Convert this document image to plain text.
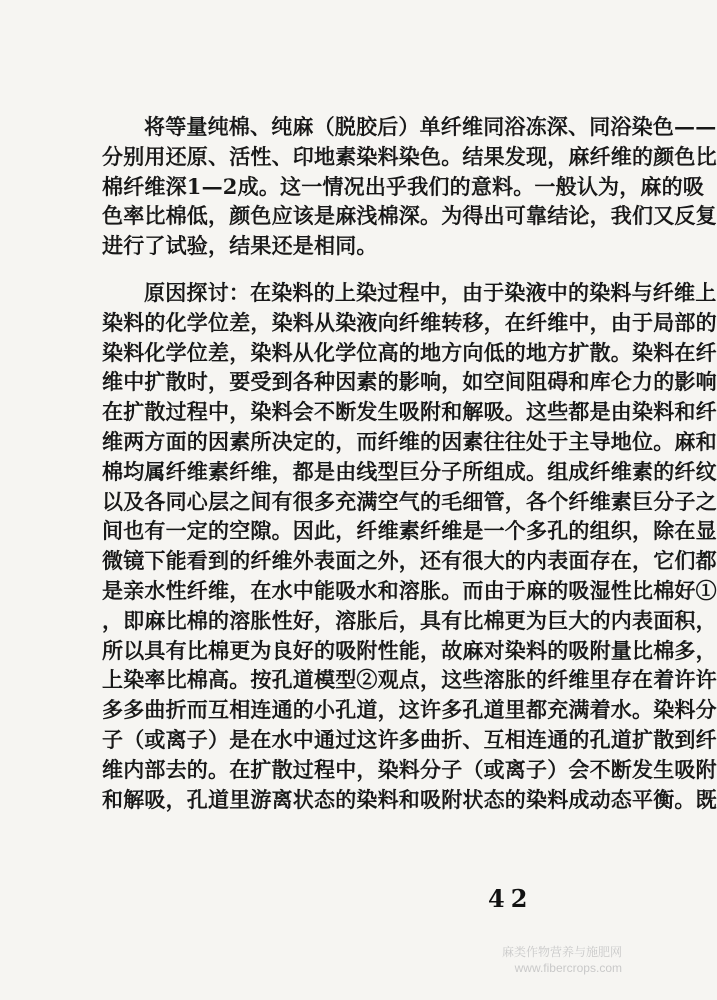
将等量纯棉、纯麻（脱胶后）单纤维同浴冻深、同浴染色——
分别用还原、活性、印地素染料染色。结果发现，麻纤维的颜色比
棉纤维深1—2成。这一情况出乎我们的意料。一般认为，麻的吸
色率比棉低，颜色应该是麻浅棉深。为得出可靠结论，我们又反复
进行了试验，结果还是相同。
原因探讨：在染料的上染过程中，由于染液中的染料与纤维上
染料的化学位差，染料从染液向纤维转移，在纤维中，由于局部的
染料化学位差，染料从化学位高的地方向低的地方扩散。染料在纤
维中扩散时，要受到各种因素的影响，如空间阻碍和库仑力的影响
在扩散过程中，染料会不断发生吸附和解吸。这些都是由染料和纤
维两方面的因素所决定的，而纤维的因素往往处于主导地位。麻和
棉均属纤维素纤维，都是由线型巨分子所组成。组成纤维素的纤纹
以及各同心层之间有很多充满空气的毛细管，各个纤维素巨分子之
间也有一定的空隙。因此，纤维素纤维是一个多孔的组织，除在显
微镜下能看到的纤维外表面之外，还有很大的内表面存在，它们都
是亲水性纤维，在水中能吸水和溶胀。而由于麻的吸湿性比棉好①
，即麻比棉的溶胀性好，溶胀后，具有比棉更为巨大的内表面积，
所以具有比棉更为良好的吸附性能，故麻对染料的吸附量比棉多，
上染率比棉高。按孔道模型②观点，这些溶胀的纤维里存在着许许
多多曲折而互相连通的小孔道，这许多孔道里都充满着水。染料分
子（或离子）是在水中通过这许多曲折、互相连通的孔道扩散到纤
维内部去的。在扩散过程中，染料分子（或离子）会不断发生吸附
和解吸，孔道里游离状态的染料和吸附状态的染料成动态平衡。既
42
麻类作物营养与施肥网
www.fibercrops.com
